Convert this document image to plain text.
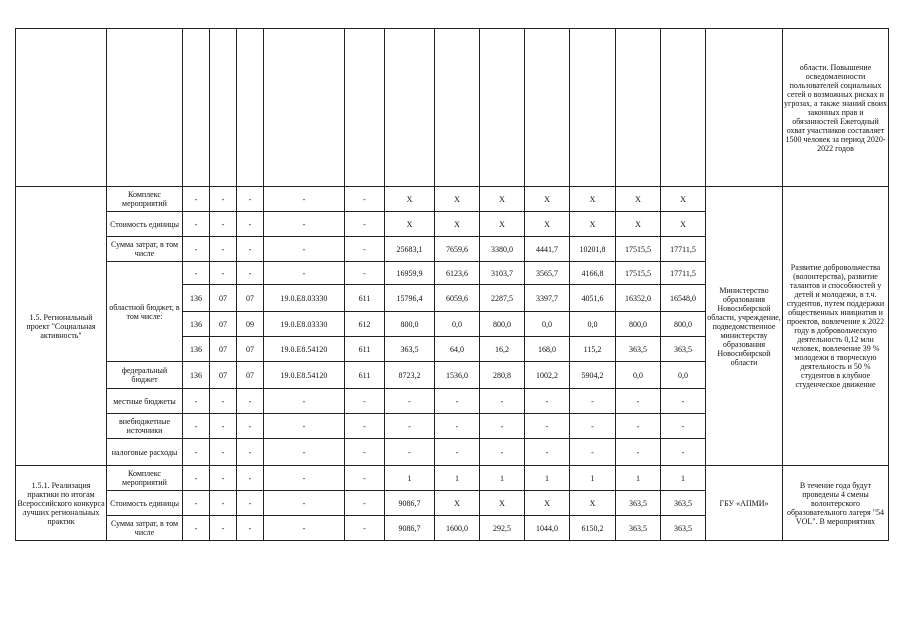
															области. Повышение осведомленности пользователей социальных сетей о возможных рисках и угрозах, а также знаний своих законных прав и обязанностей Ежегодный охват участников составляет 1500 человек за период 2020-2022 годов
1.5. Региональный проект "Социальная активность"	Комплекс мероприятий	-	-	-	-	-	X	X	X	X	X	X	X	Министерство образования Новосибирской области, учреждение, подведомственное министерству образования Новосибирской области	Развитие добровольчества (волонтерства), развитие талантов и способностей у детей и молодежи, в т.ч. студентов, путем поддержки общественных инициатив и проектов, вовлечение к 2022 году в добровольческую деятельность 0,12 млн человек, вовлечение 39 % молодежи в творческую деятельность и 50 % студентов в клубное студенческое движение
	Стоимость единицы	-	-	-	-	-	X	X	X	X	X	X	X		
	Сумма затрат, в том числе	-	-	-	-	-	25683,1	7659,6	3380,0	4441,7	10201,8	17515,5	17711,5		
	областной бюджет, в том числе:	-	-	-	-	-	16959,9	6123,6	3103,7	3565,7	4166,8	17515,5	17711,5		
		136	07	07	19.0.E8.03330	611	15796,4	6059,6	2287,5	3397,7	4051,6	16352,0	16548,0		
		136	07	09	19.0.E8.03330	612	800,0	0,0	800,0	0,0	0,0	800,0	800,0		
		136	07	07	19.0.E8.54120	611	363,5	64,0	16,2	168,0	115,2	363,5	363,5		
	федеральный бюджет	136	07	07	19.0.E8.54120	611	8723,2	1536,0	280,8	1002,2	5904,2	0,0	0,0		
	местные бюджеты	-	-	-	-	-	-	-	-	-	-	-	-		
	внебюджетные источники	-	-	-	-	-	-	-	-	-	-	-	-		
	налоговые расходы	-	-	-	-	-	-	-	-	-	-	-	-		
1.5.1. Реализация практики по итогам Всероссийского конкурса лучших региональных практик	Комплекс мероприятий	-	-	-	-	-	1	1	1	1	1	1	1	ГБУ «АПМИ»	В течение года будут проведены 4 смены волонтерского образовательного лагеря "54 VOL". В мероприятиях
	Стоимость единицы	-	-	-	-	-	9086,7	X	X	X	X	363,5	363,5		
	Сумма затрат, в том числе	-	-	-	-	-	9086,7	1600,0	292,5	1044,0	6150,2	363,5	363,5		
